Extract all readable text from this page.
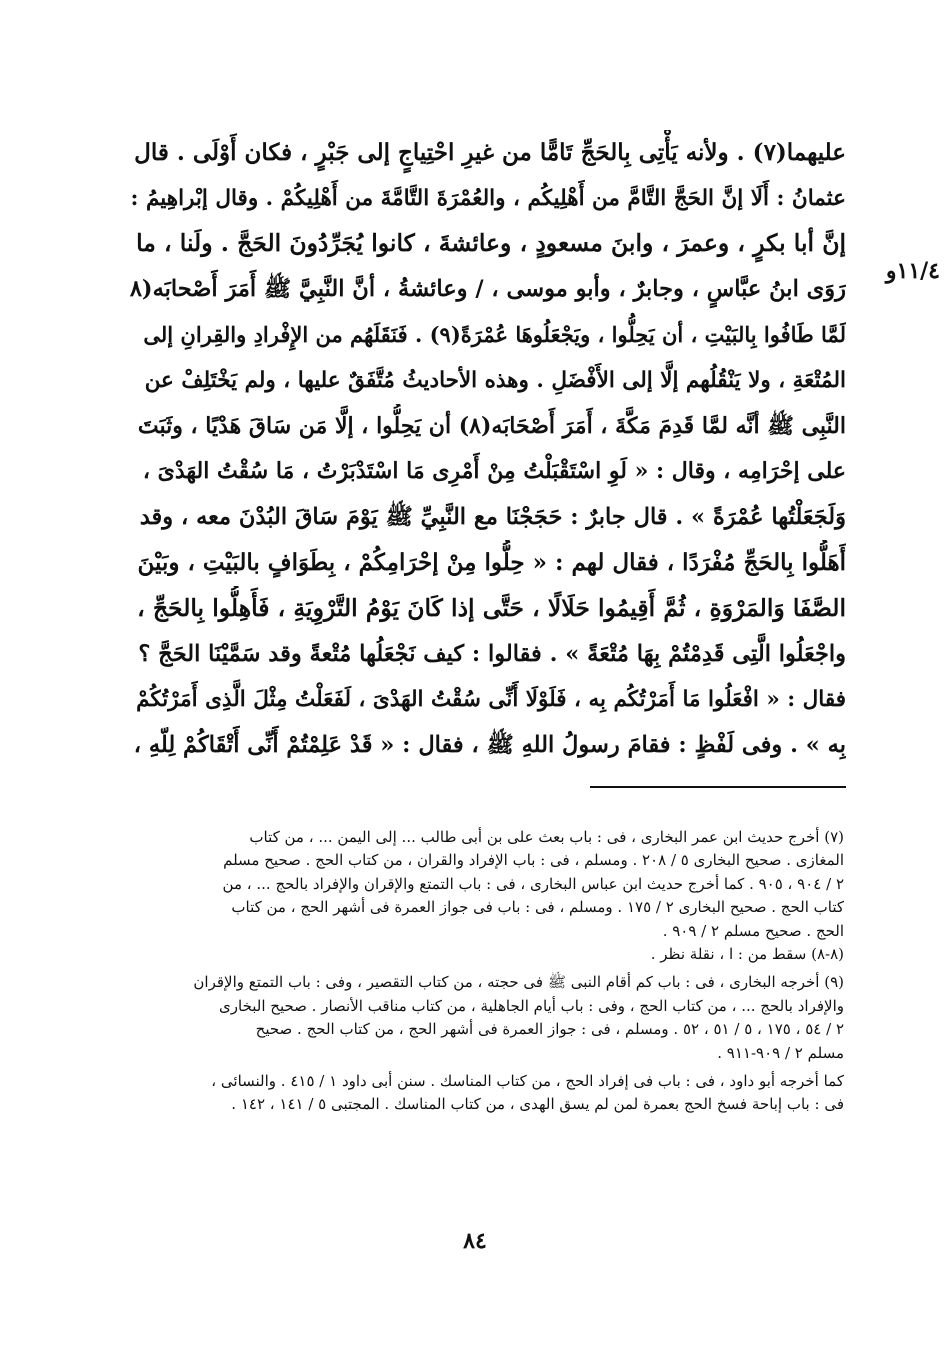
١١/٤و
عليهما(٧) . ولأنه يَأْتِى بِالحَجِّ تَامًّا من غيرِ احْتِياجٍ إلى جَبْرٍ ، فكان أَوْلَى . قال
عثمانُ : أَلَا إنَّ الحَجَّ التَّامَّ من أَهْلِيكُم ، والعُمْرَةَ التَّامَّةَ من أَهْلِيكُمْ . وقال إبْراهِيمُ :
إنَّ أبا بكرٍ ، وعمرَ ، وابنَ مسعودٍ ، وعائشةَ ، كانوا يُجَرِّدُونَ الحَجَّ . ولَنا ، ما
رَوَى ابنُ عبَّاسٍ ، وجابرٌ ، وأبو موسى ، / وعائشةُ ، أنَّ النَّبِيَّ ﷺ أَمَرَ أَصْحابَه(٨
لَمَّا طَافُوا بِالبَيْتِ ، أن يَحِلُّوا ، ويَجْعَلُوهَا عُمْرَةً(٩) . فَنَقَلَهُم من الإِفْرادِ والقِرانِ إلى
المُتْعَةِ ، ولا يَنْقُلُهم إلَّا إلى الأَفْضَلِ . وهذه الأحاديثُ مُتَّفَقٌ عليها ، ولم يَخْتَلِفْ عن
النَّبِى ﷺ أنَّه لمَّا قَدِمَ مَكَّةَ ، أَمَرَ أَصْحَابَه(٨) أن يَحِلُّوا ، إلَّا مَن سَاقَ هَدْيًا ، وثَبَتَ
على إحْرَامِه ، وقال : « لَوِ اسْتَقْبَلْتُ مِنْ أَمْرِى مَا اسْتَدْبَرْتُ ، مَا سُقْتُ الهَدْىَ ،
وَلَجَعَلْتُها عُمْرَةً » . قال جابرٌ : حَجَجْنَا مع النَّبِيِّ ﷺ يَوْمَ سَاقَ البُدْنَ معه ، وقد
أَهَلُّوا بِالحَجِّ مُفْرَدًا ، فقال لهم : « حِلُّوا مِنْ إحْرَامِكُمْ ، بِطَوَافٍ بالبَيْتِ ، وبَيْنَ
الصَّفَا وَالمَرْوَةِ ، ثُمَّ أَقِيمُوا حَلَالًا ، حَتَّى إذا كَانَ يَوْمُ التَّرْوِيَةِ ، فَأَهِلُّوا بِالحَجِّ ،
واجْعَلُوا الَّتِى قَدِمْتُمْ بِهَا مُتْعَةً » . فقالوا : كيف نَجْعَلُها مُتْعةً وقد سَمَّيْنَا الحَجَّ ؟
فقال : « افْعَلُوا مَا أَمَرْتُكُم بِه ، فَلَوْلَا أَنِّى سُقْتُ الهَدْىَ ، لَفَعَلْتُ مِثْلَ الَّذِى أَمَرْتُكُمْ
بِه » . وفى لَفْظٍ : فقامَ رسولُ اللهِ ﷺ ، فقال : « قَدْ عَلِمْتُمْ أَنِّى أَتْقَاكُمْ لِلّهِ ،
(٧) أخرج حديث ابن عمر البخارى ، فى : باب بعث على بن أبى طالب ... إلى اليمن ... ، من كتاب
المغازى . صحيح البخارى ٥ / ٢٠٨ . ومسلم ، فى : باب الإفراد والقران ، من كتاب الحج . صحيح مسلم
٢ / ٩٠٤ ، ٩٠٥ . كما أخرج حديث ابن عباس البخارى ، فى : باب التمتع والإقران والإفراد بالحج ... ، من
كتاب الحج . صحيح البخارى ٢ / ١٧٥ . ومسلم ، فى : باب فى جواز العمرة فى أشهر الحج ، من كتاب
الحج . صحيح مسلم ٢ / ٩٠٩ .
(٨-٨) سقط من : ا ، نقلة نظر .
(٩) أخرجه البخارى ، فى : باب كم أقام النبى ﷺ فى حجته ، من كتاب التقصير ، وفى : باب التمتع والإقران
والإفراد بالحج ... ، من كتاب الحج ، وفى : باب أيام الجاهلية ، من كتاب مناقب الأنصار . صحيح البخارى
٢ / ٥٤ ، ١٧٥ ، ٥ / ٥١ ، ٥٢ . ومسلم ، فى : جواز العمرة فى أشهر الحج ، من كتاب الحج . صحيح
مسلم ٢ / ٩٠٩-٩١١ .
كما أخرجه أبو داود ، فى : باب فى إفراد الحج ، من كتاب المناسك . سنن أبى داود ١ / ٤١٥ . والنسائى ،
فى : باب إباحة فسخ الحج بعمرة لمن لم يسق الهدى ، من كتاب المناسك . المجتبى ٥ / ١٤١ ، ١٤٢ .
٨٤
